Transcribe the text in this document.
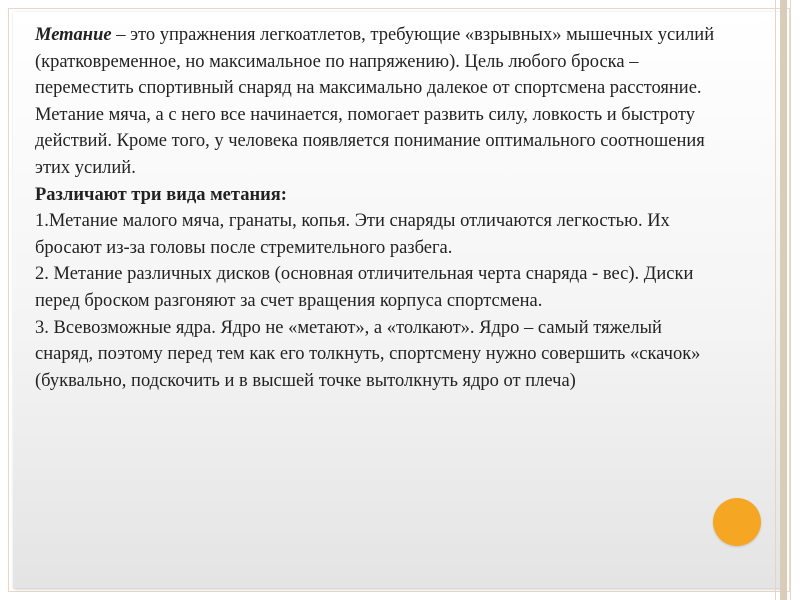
Метание – это упражнения легкоатлетов, требующие «взрывных» мышечных усилий (кратковременное, но максимальное по напряжению). Цель любого броска – переместить спортивный снаряд на максимально далекое от спортсмена расстояние. Метание мяча, а с него все начинается, помогает развить силу, ловкость и быстроту действий. Кроме того, у человека появляется понимание оптимального соотношения этих усилий.

Различают три вида метания:

1.Метание малого мяча, гранаты, копья. Эти снаряды отличаются легкостью. Их бросают из-за головы после стремительного разбега.

2. Метание различных дисков (основная отличительная черта снаряда - вес). Диски перед броском разгоняют за счет вращения корпуса спортсмена.

3. Всевозможные ядра. Ядро не «метают», а «толкают». Ядро – самый тяжелый снаряд, поэтому перед тем как его толкнуть, спортсмену нужно совершить «скачок» (буквально, подскочить и в высшей точке вытолкнуть ядро от плеча)
